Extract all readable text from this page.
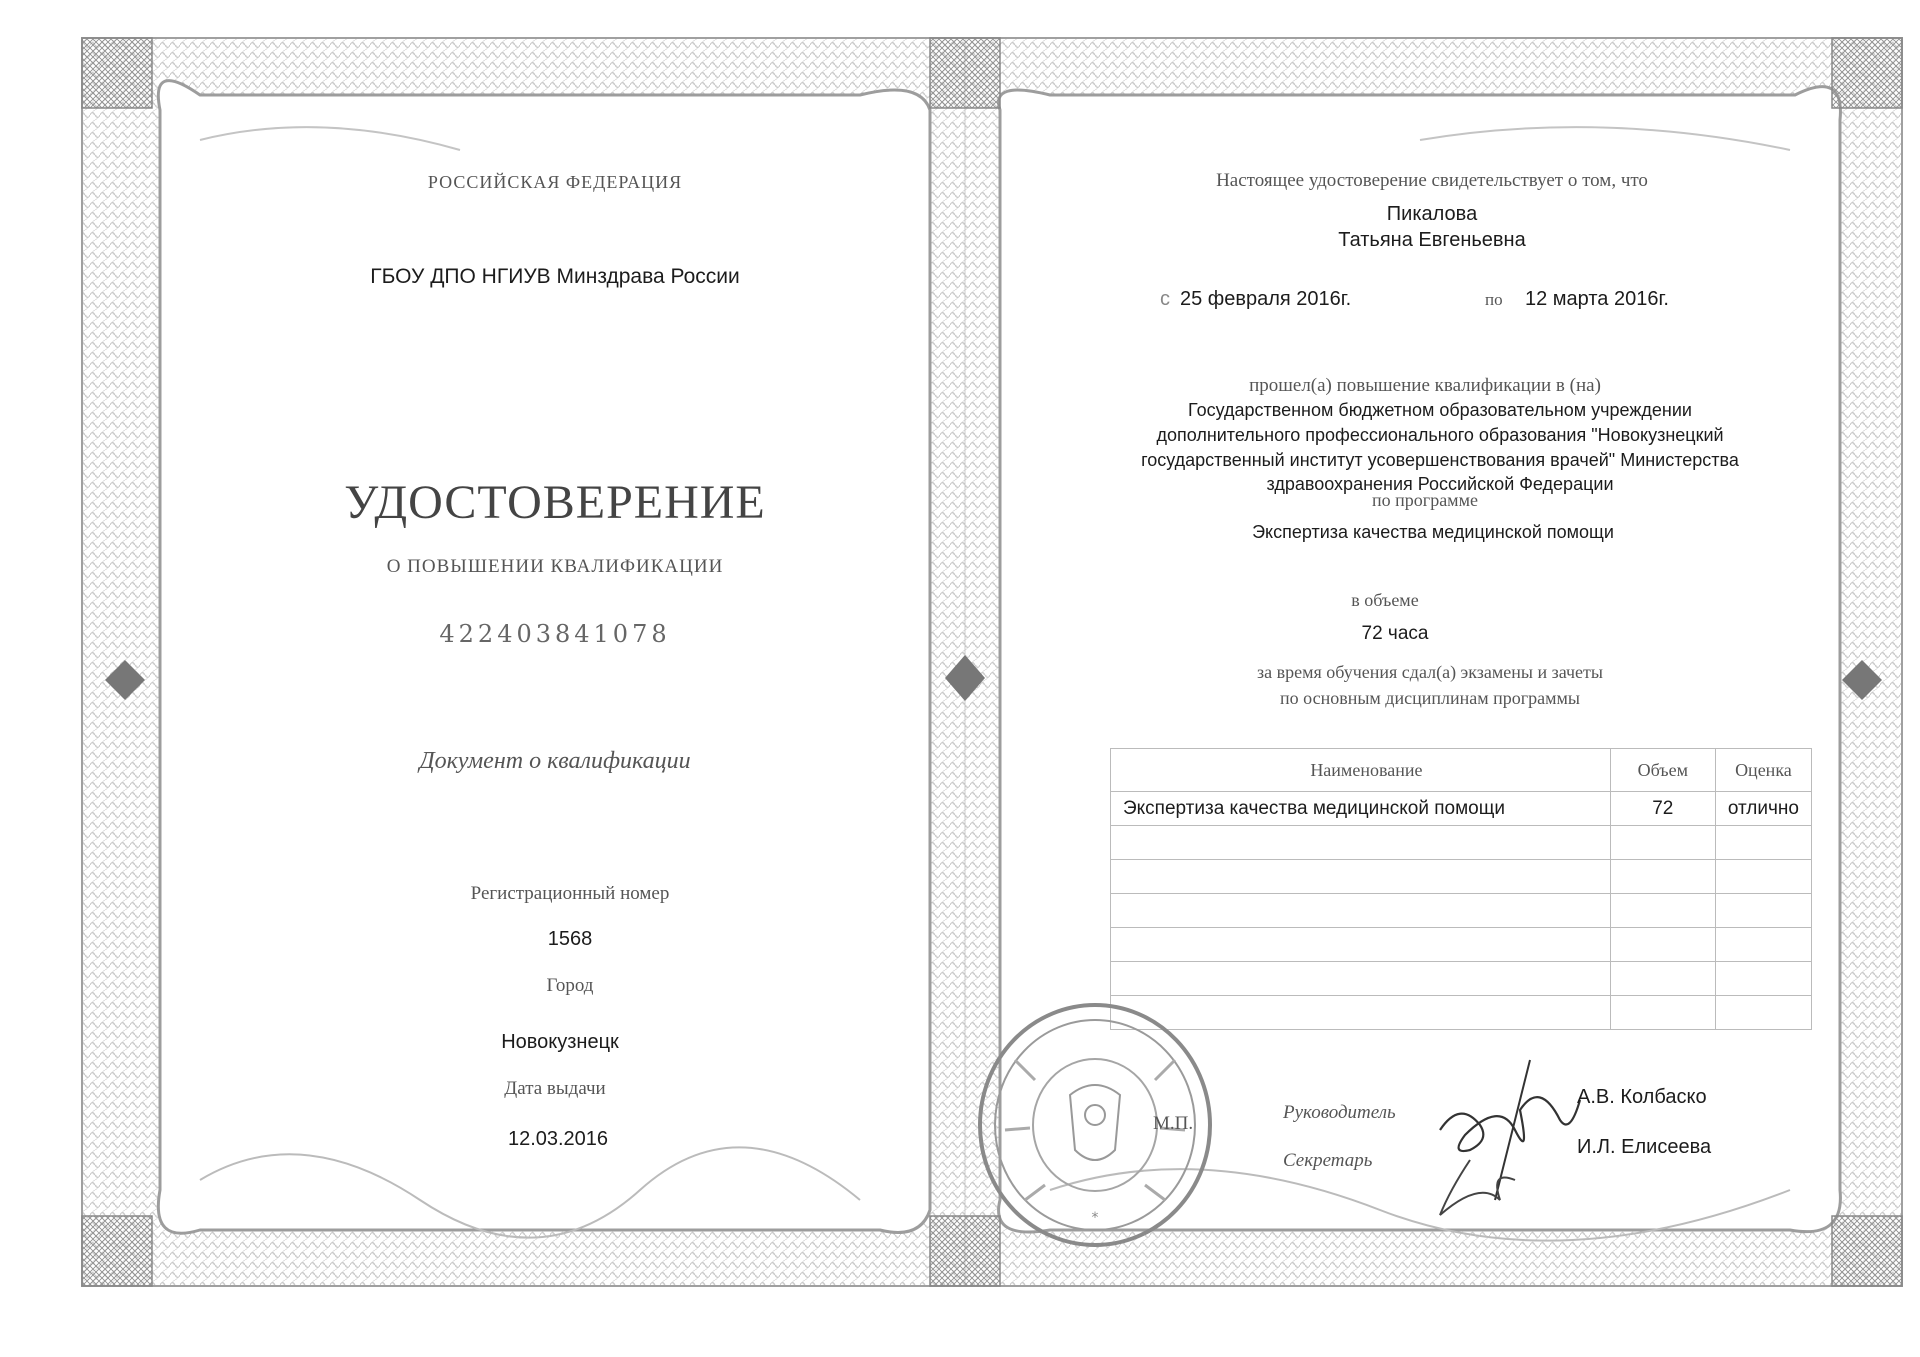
РОССИЙСКАЯ ФЕДЕРАЦИЯ
ГБОУ ДПО НГИУВ Минздрава России
УДОСТОВЕРЕНИЕ
О ПОВЫШЕНИИ КВАЛИФИКАЦИИ
422403841078
Документ о квалификации
Регистрационный номер
1568
Город
Новокузнецк
Дата выдачи
12.03.2016
Настоящее удостоверение свидетельствует о том, что
Пикалова
Татьяна Евгеньевна
с 25 февраля 2016г.	по 12 марта 2016г.
прошел(а) повышение квалификации в (на)
Государственном бюджетном образовательном учреждении
дополнительного профессионального образования "Новокузнецкий
государственный институт усовершенствования врачей" Министерства
здравоохранения Российской Федерации
по программе
Экспертиза качества медицинской помощи
в объеме
72 часа
за время обучения сдал(а) экзамены и зачеты
по основным дисциплинам программы
Наименование	Объем	Оценка
Экспертиза качества медицинской помощи	72	отлично

*
М.П.
Руководитель
Секретарь
А.В. Колбаско
И.Л. Елисеева
